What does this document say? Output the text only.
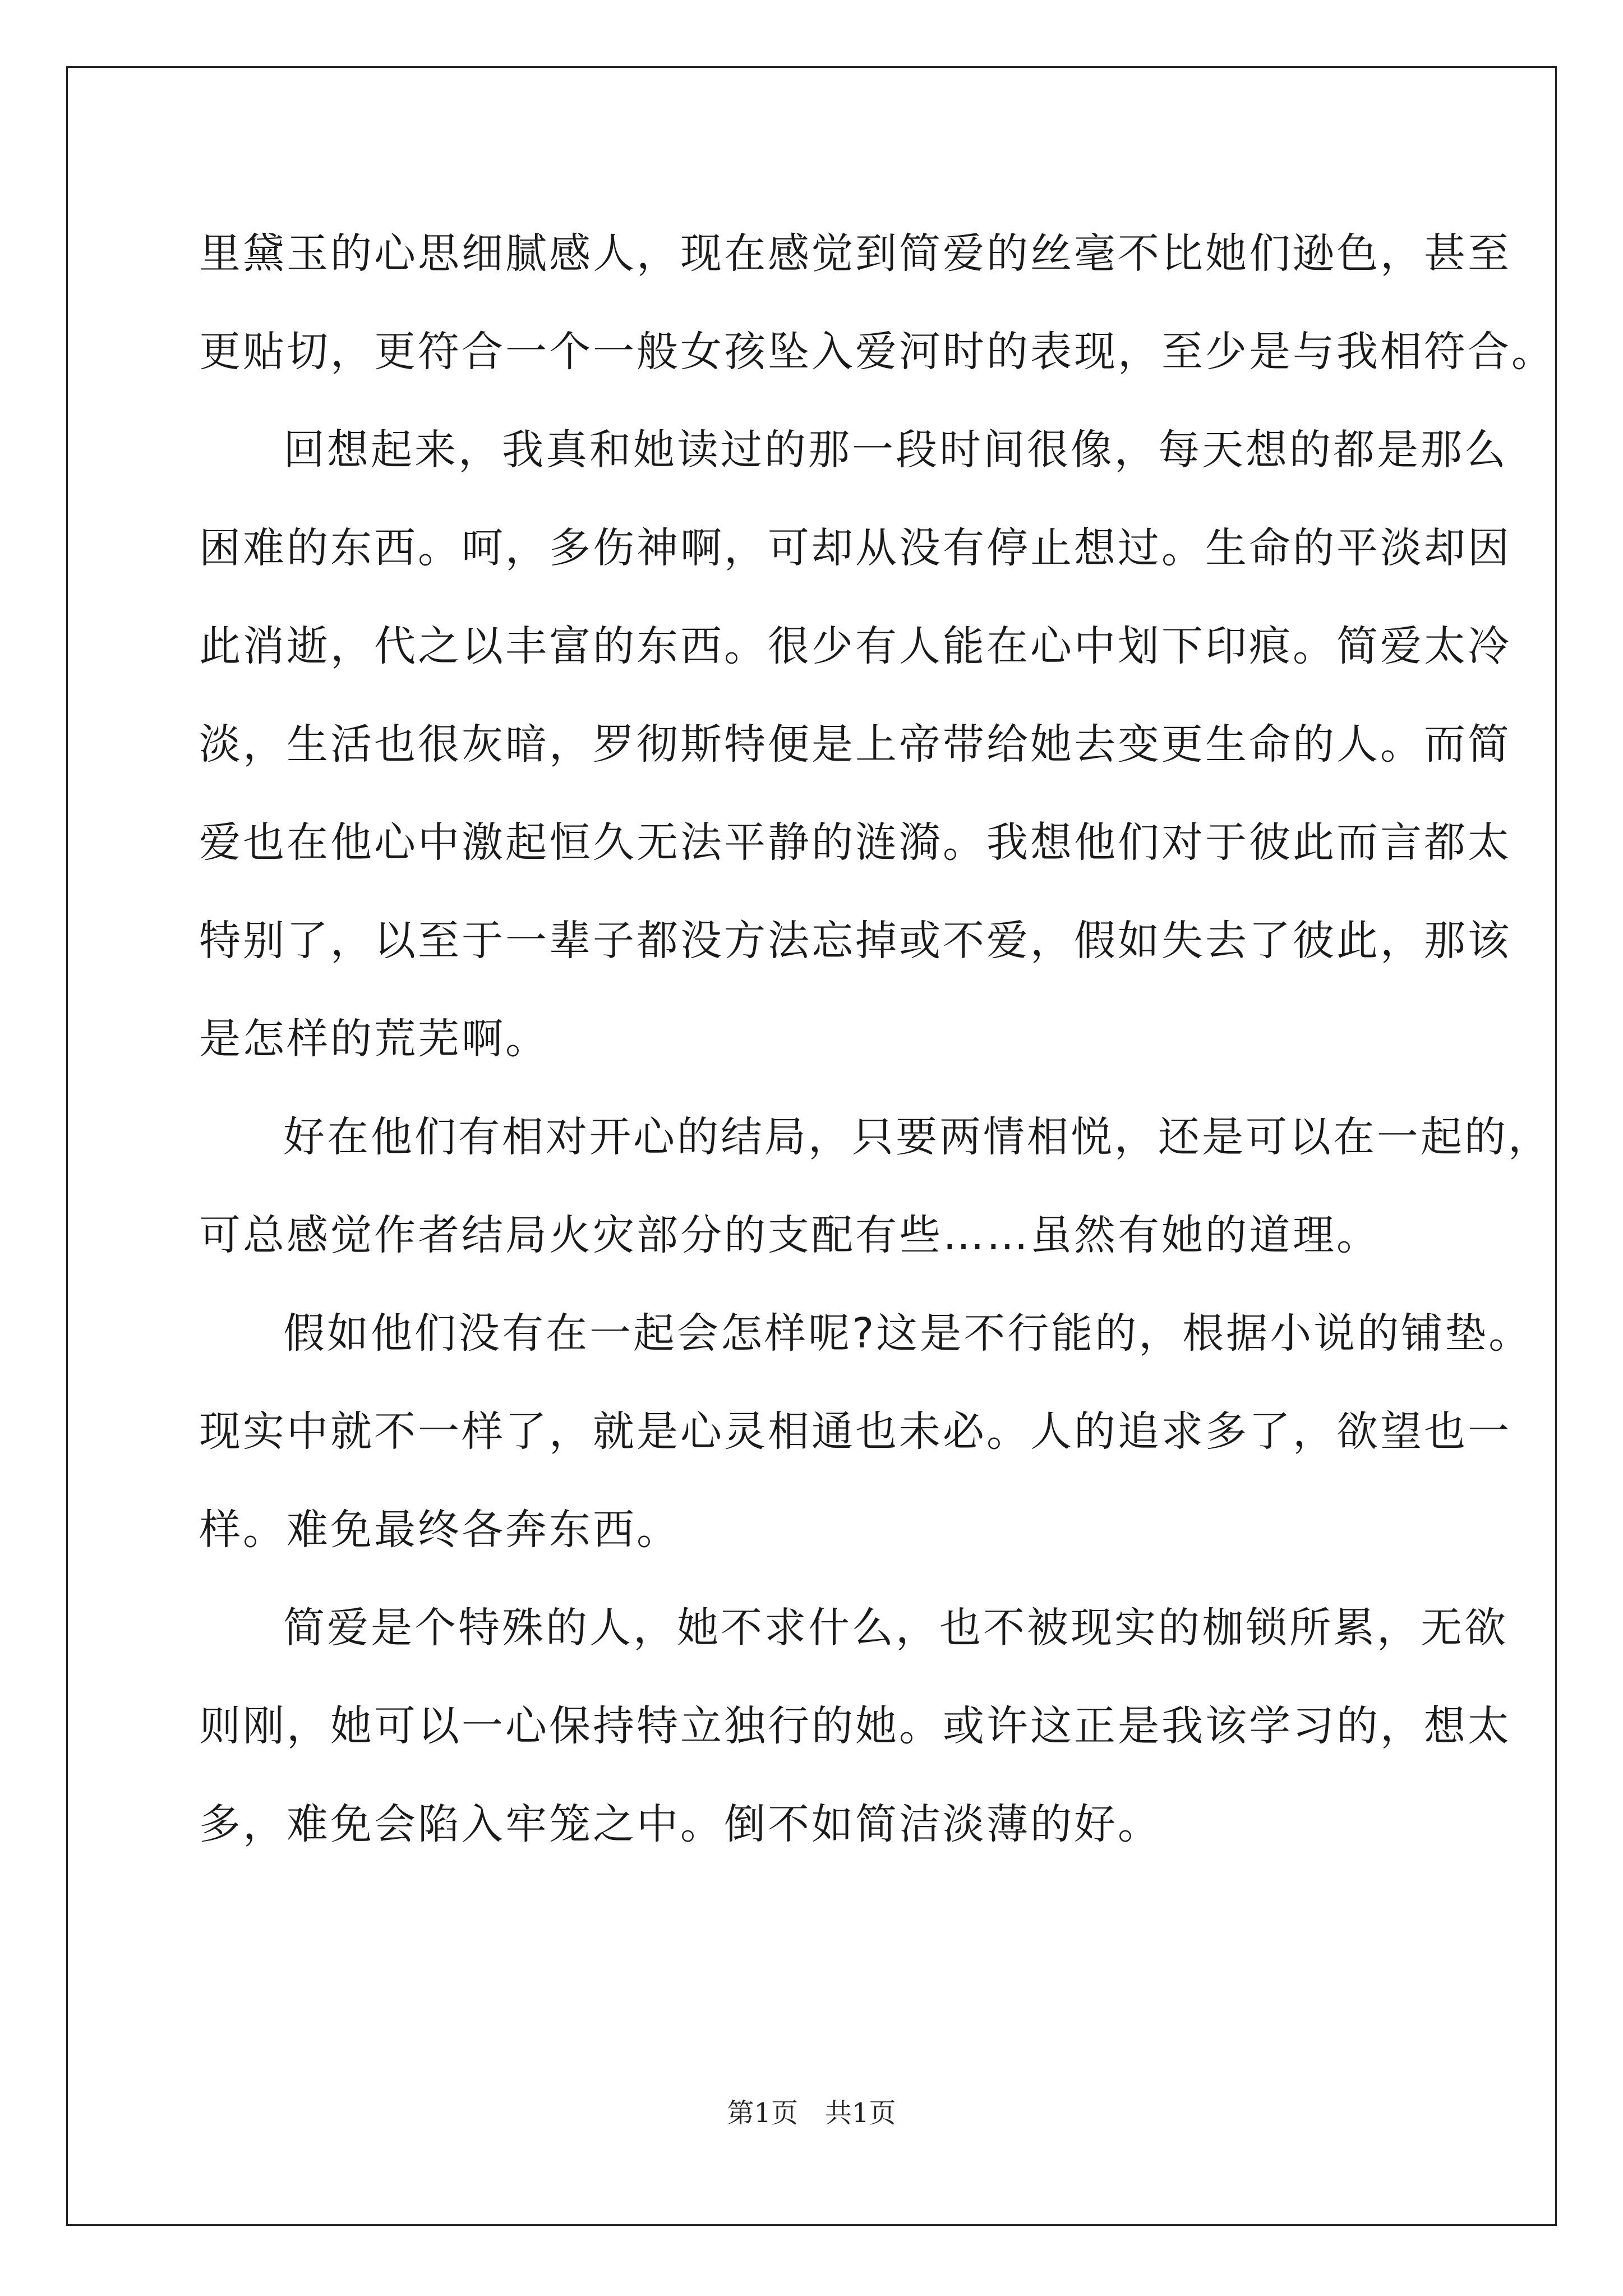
里黛玉的心思细腻感人，现在感觉到简爱的丝毫不比她们逊色，甚至
更贴切，更符合一个一般女孩坠入爱河时的表现，至少是与我相符合。
回想起来，我真和她读过的那一段时间很像，每天想的都是那么
困难的东西。呵，多伤神啊，可却从没有停止想过。生命的平淡却因
此消逝，代之以丰富的东西。很少有人能在心中划下印痕。简爱太冷
淡，生活也很灰暗，罗彻斯特便是上帝带给她去变更生命的人。而简
爱也在他心中激起恒久无法平静的涟漪。我想他们对于彼此而言都太
特别了，以至于一辈子都没方法忘掉或不爱，假如失去了彼此，那该
是怎样的荒芜啊。
好在他们有相对开心的结局，只要两情相悦，还是可以在一起的，
可总感觉作者结局火灾部分的支配有些……虽然有她的道理。
假如他们没有在一起会怎样呢?这是不行能的，根据小说的铺垫。
现实中就不一样了，就是心灵相通也未必。人的追求多了，欲望也一
样。难免最终各奔东西。
简爱是个特殊的人，她不求什么，也不被现实的枷锁所累，无欲
则刚，她可以一心保持特立独行的她。或许这正是我该学习的，想太
多，难免会陷入牢笼之中。倒不如简洁淡薄的好。
第1页　共1页
